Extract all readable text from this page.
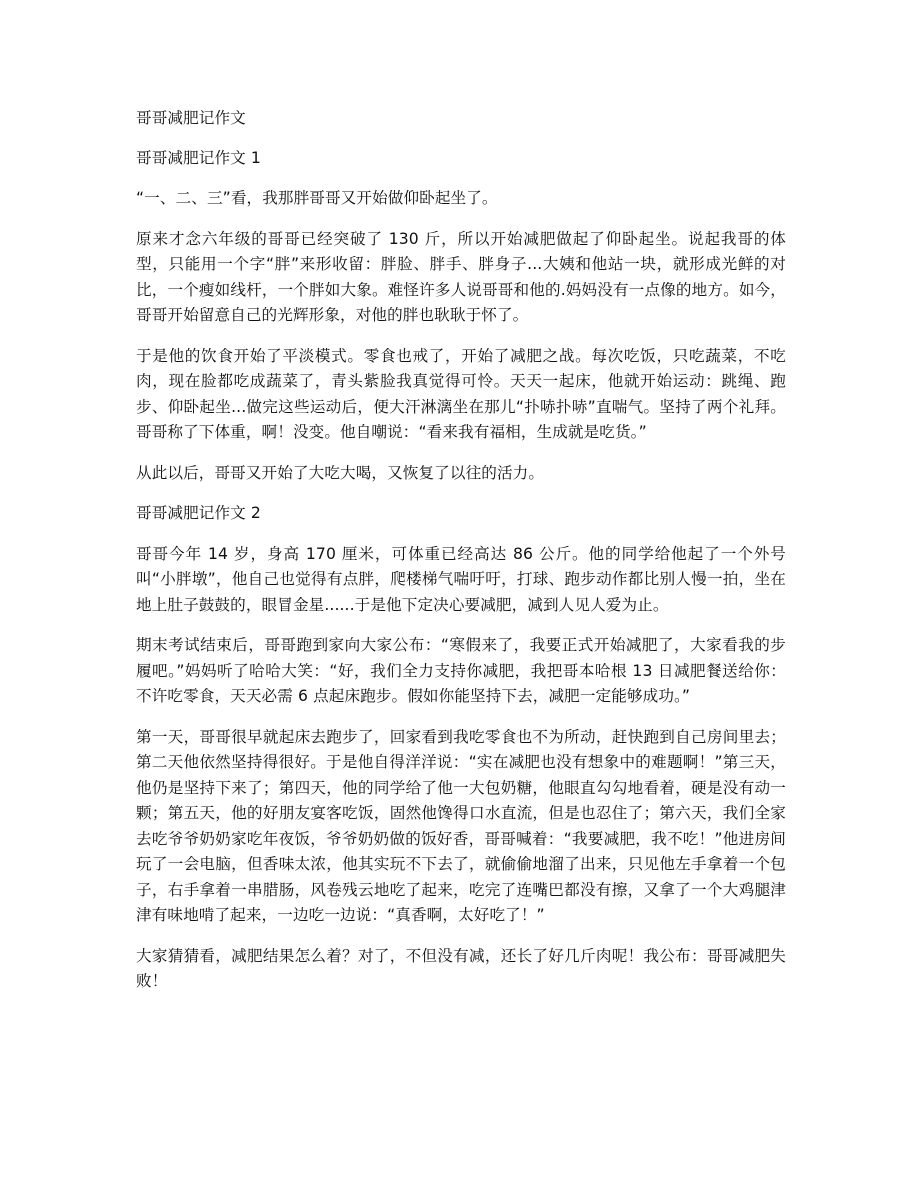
哥哥减肥记作文

哥哥减肥记作文 1

“一、二、三”看，我那胖哥哥又开始做仰卧起坐了。

原来才念六年级的哥哥已经突破了 130 斤，所以开始减肥做起了仰卧起坐。说起我哥的体型，只能用一个字“胖”来形收留：胖脸、胖手、胖身子...大姨和他站一块，就形成光鲜的对比，一个瘦如线杆，一个胖如大象。难怪许多人说哥哥和他的.妈妈没有一点像的地方。如今，哥哥开始留意自己的光辉形象，对他的胖也耿耿于怀了。

于是他的饮食开始了平淡模式。零食也戒了，开始了减肥之战。每次吃饭，只吃蔬菜，不吃肉，现在脸都吃成蔬菜了，青头紫脸我真觉得可怜。天天一起床，他就开始运动：跳绳、跑步、仰卧起坐...做完这些运动后，便大汗淋漓坐在那儿“扑哧扑哧”直喘气。坚持了两个礼拜。哥哥称了下体重，啊！没变。他自嘲说：“看来我有福相，生成就是吃货。”

从此以后，哥哥又开始了大吃大喝，又恢复了以往的活力。

哥哥减肥记作文 2

哥哥今年 14 岁，身高 170 厘米，可体重已经高达 86 公斤。他的同学给他起了一个外号叫“小胖墩”，他自己也觉得有点胖，爬楼梯气喘吁吁，打球、跑步动作都比别人慢一拍，坐在地上肚子鼓鼓的，眼冒金星......于是他下定决心要减肥，减到人见人爱为止。

期末考试结束后，哥哥跑到家向大家公布：“寒假来了，我要正式开始减肥了，大家看我的步履吧。”妈妈听了哈哈大笑：“好，我们全力支持你减肥，我把哥本哈根 13 日减肥餐送给你：不许吃零食，天天必需 6 点起床跑步。假如你能坚持下去，减肥一定能够成功。”

第一天，哥哥很早就起床去跑步了，回家看到我吃零食也不为所动，赶快跑到自己房间里去；第二天他依然坚持得很好。于是他自得洋洋说：“实在减肥也没有想象中的难题啊！”第三天，他仍是坚持下来了；第四天，他的同学给了他一大包奶糖，他眼直勾勾地看着，硬是没有动一颗；第五天，他的好朋友宴客吃饭，固然他馋得口水直流，但是也忍住了；第六天，我们全家去吃爷爷奶奶家吃年夜饭，爷爷奶奶做的饭好香，哥哥喊着：“我要减肥，我不吃！”他进房间玩了一会电脑，但香味太浓，他其实玩不下去了，就偷偷地溜了出来，只见他左手拿着一个包子，右手拿着一串腊肠，风卷残云地吃了起来，吃完了连嘴巴都没有擦，又拿了一个大鸡腿津津有味地啃了起来，一边吃一边说：“真香啊，太好吃了！”

大家猜猜看，减肥结果怎么着？对了，不但没有减，还长了好几斤肉呢！我公布：哥哥减肥失败！
